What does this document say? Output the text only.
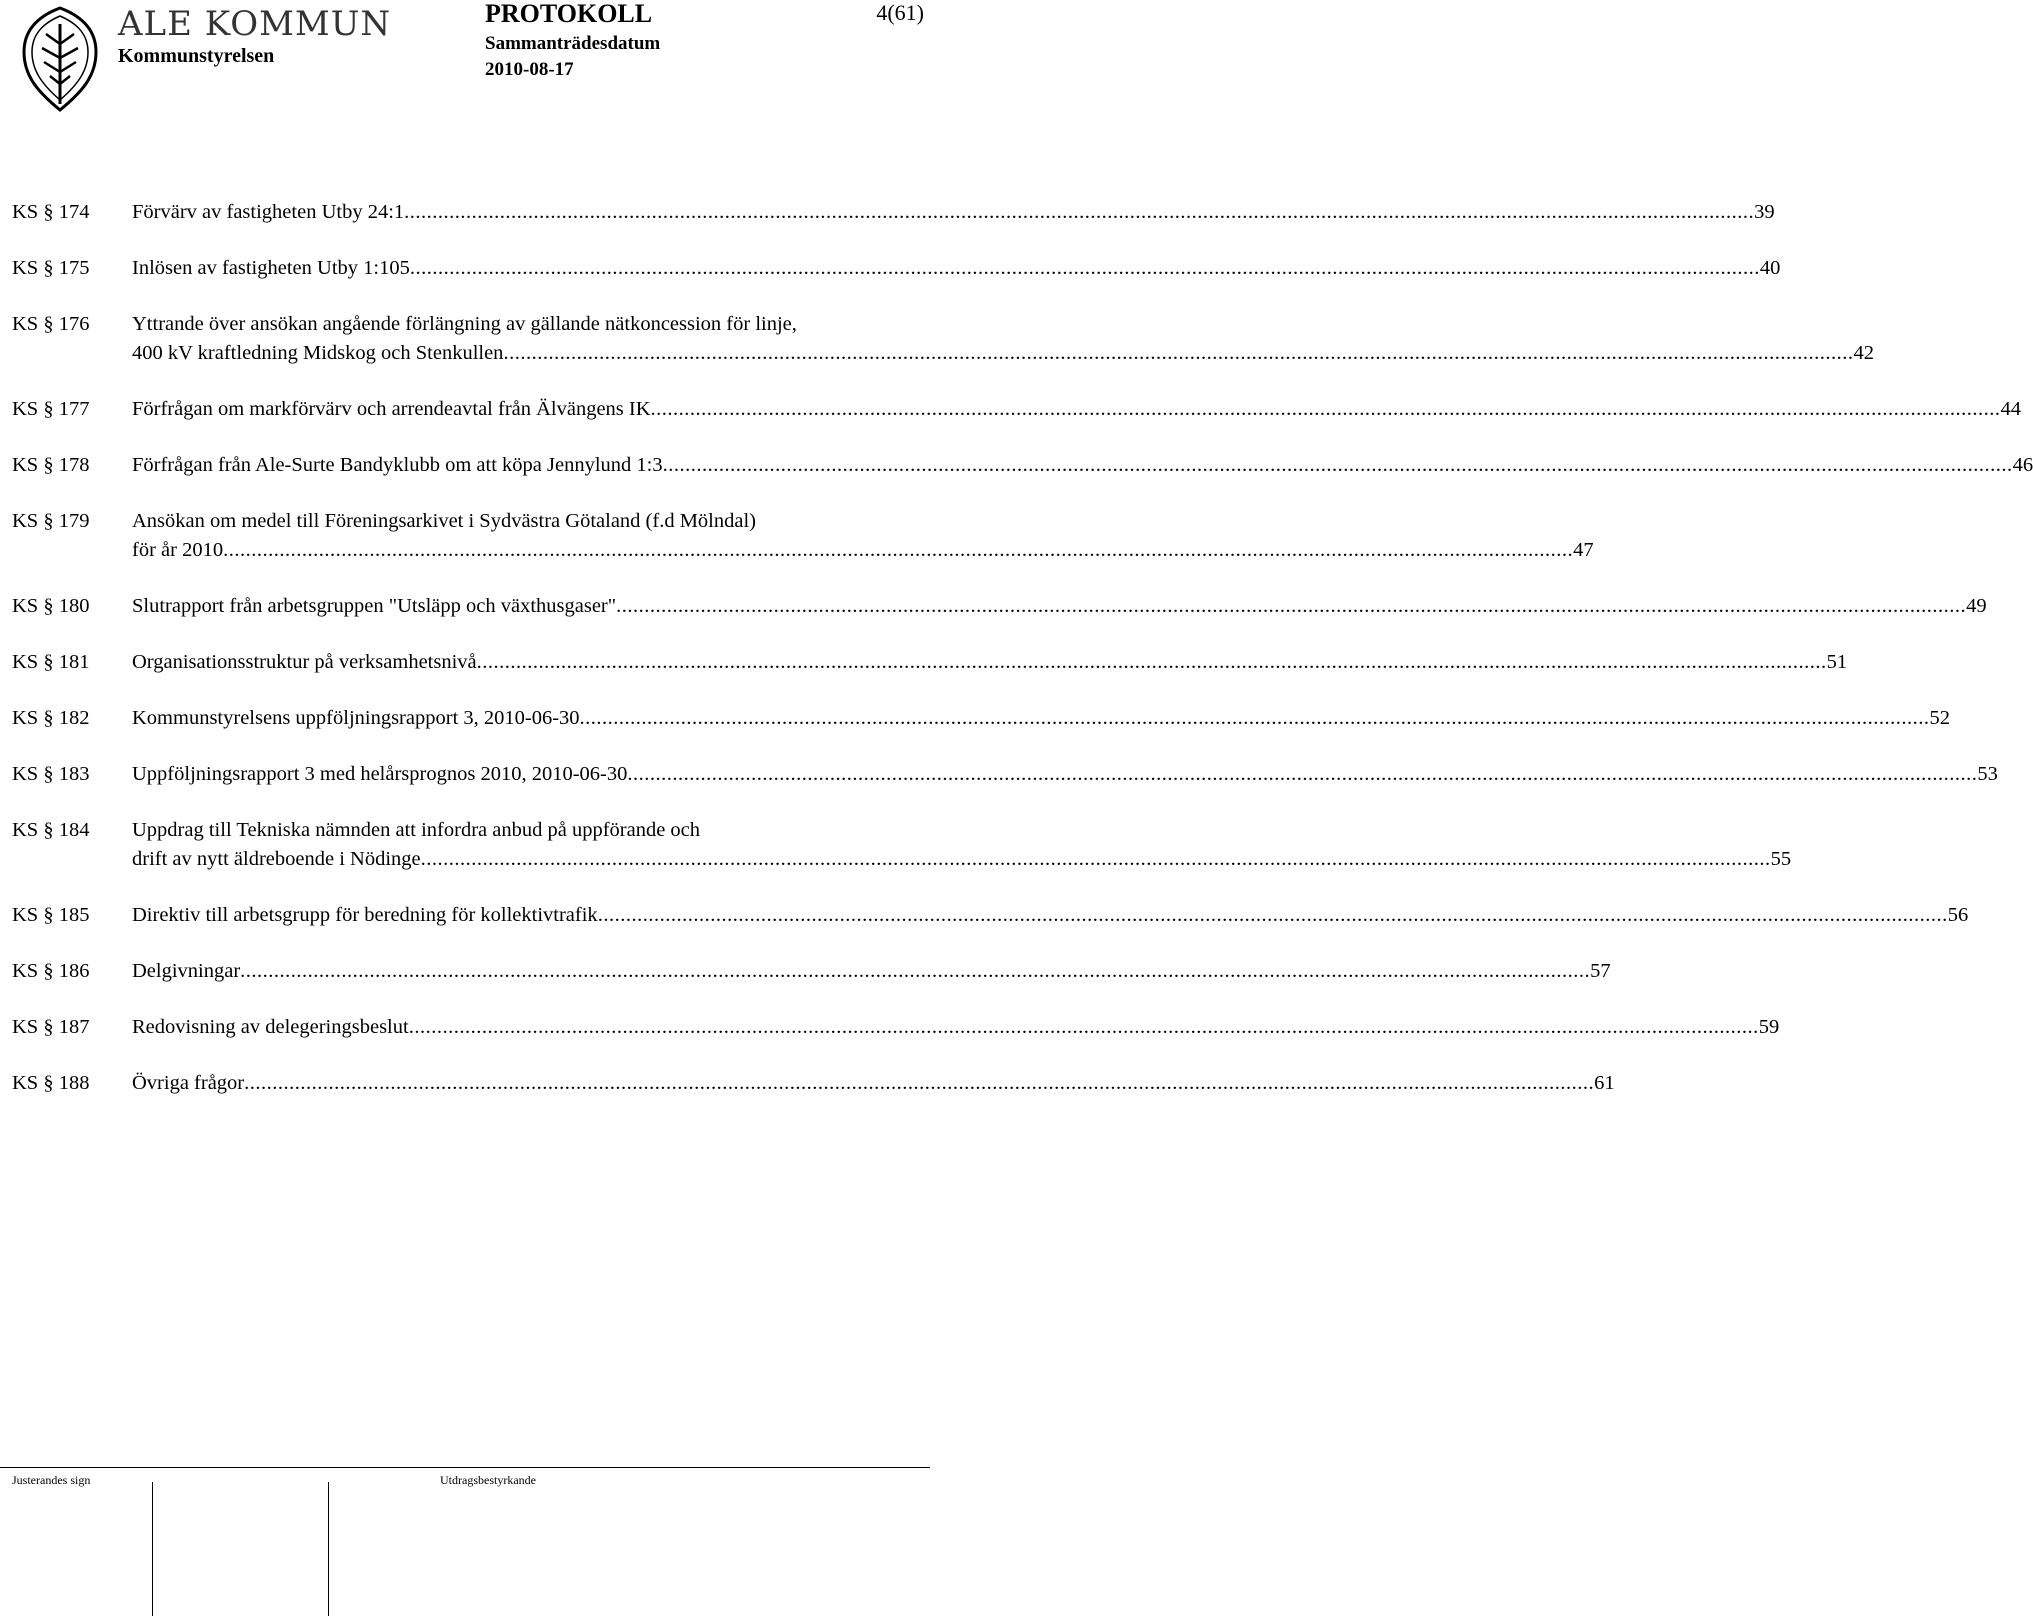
ALE KOMMUN
Kommunstyrelsen
PROTOKOLL
Sammanträdesdatum
2010-08-17
4(61)
KS § 174	Förvärv av fastigheten Utby 24:1 .....	39
KS § 175	Inlösen av fastigheten Utby 1:105 .....	40
KS § 176	Yttrande över ansökan angående förlängning av gällande nätkoncession för linje,
400 kV kraftledning Midskog och Stenkullen .....	42
KS § 177	Förfrågan om markförvärv och arrendeavtal från Älvängens IK .....	44
KS § 178	Förfrågan från Ale-Surte Bandyklubb om att köpa Jennylund 1:3 .....	46
KS § 179	Ansökan om medel till Föreningsarkivet i Sydvästra Götaland (f.d Mölndal)
för år 2010 .....	47
KS § 180	Slutrapport från arbetsgruppen "Utsläpp och växthusgaser" .....	49
KS § 181	Organisationsstruktur på verksamhetsnivå .....	51
KS § 182	Kommunstyrelsens uppföljningsrapport 3, 2010-06-30 .....	52
KS § 183	Uppföljningsrapport 3 med helårsprognos 2010, 2010-06-30 .....	53
KS § 184	Uppdrag till Tekniska nämnden att infordra anbud på uppförande och
drift av nytt äldreboende i Nödinge .....	55
KS § 185	Direktiv till arbetsgrupp för beredning för kollektivtrafik .....	56
KS § 186	Delgivningar .....	57
KS § 187	Redovisning av delegeringsbeslut .....	59
KS § 188	Övriga frågor .....	61
Justerandes sign	Utdragsbestyrkande
